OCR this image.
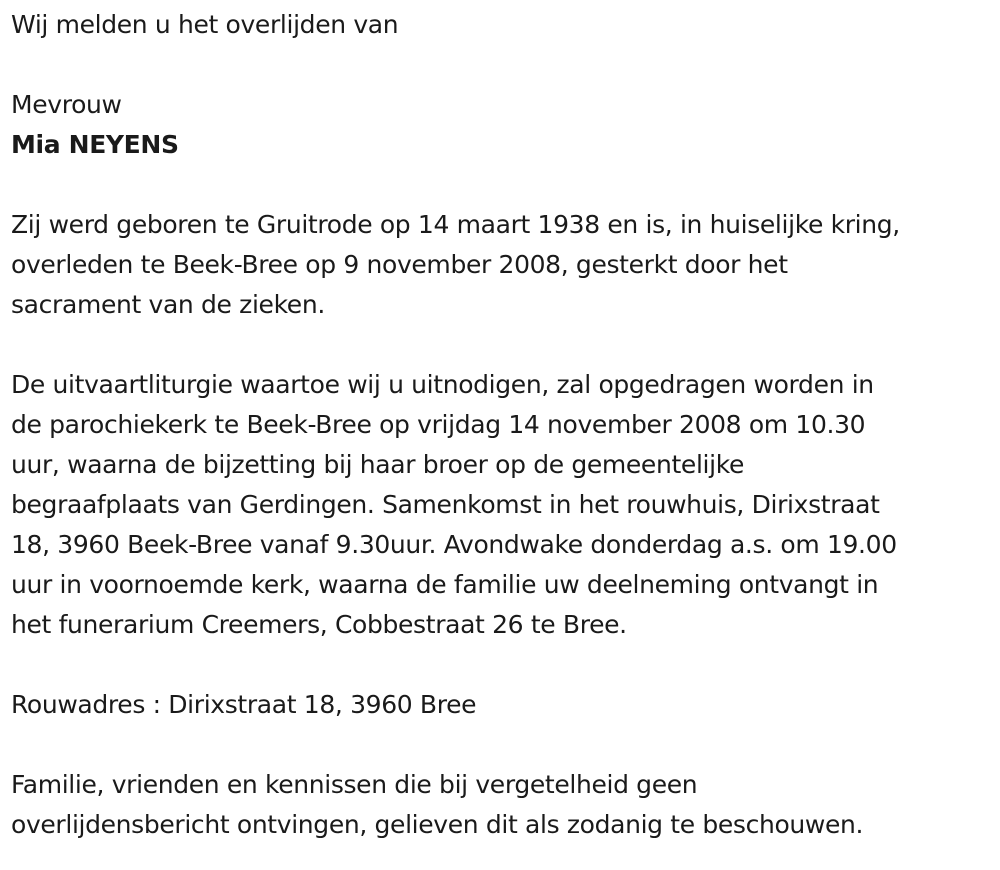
Wij melden u het overlijden van

Mevrouw

Mia NEYENS

Zij werd geboren te Gruitrode op 14 maart 1938 en is, in huiselijke kring,

overleden te Beek-Bree op 9 november 2008, gesterkt door het

sacrament van de zieken.

De uitvaartliturgie waartoe wij u uitnodigen, zal opgedragen worden in

de parochiekerk te Beek-Bree op vrijdag 14 november 2008 om 10.30

uur, waarna de bijzetting bij haar broer op de gemeentelijke

begraafplaats van Gerdingen. Samenkomst in het rouwhuis, Dirixstraat

18, 3960 Beek-Bree vanaf 9.30uur. Avondwake donderdag a.s. om 19.00

uur in voornoemde kerk, waarna de familie uw deelneming ontvangt in

het funerarium Creemers, Cobbestraat 26 te Bree.

Rouwadres : Dirixstraat 18, 3960 Bree

Familie, vrienden en kennissen die bij vergetelheid geen

overlijdensbericht ontvingen, gelieven dit als zodanig te beschouwen.
